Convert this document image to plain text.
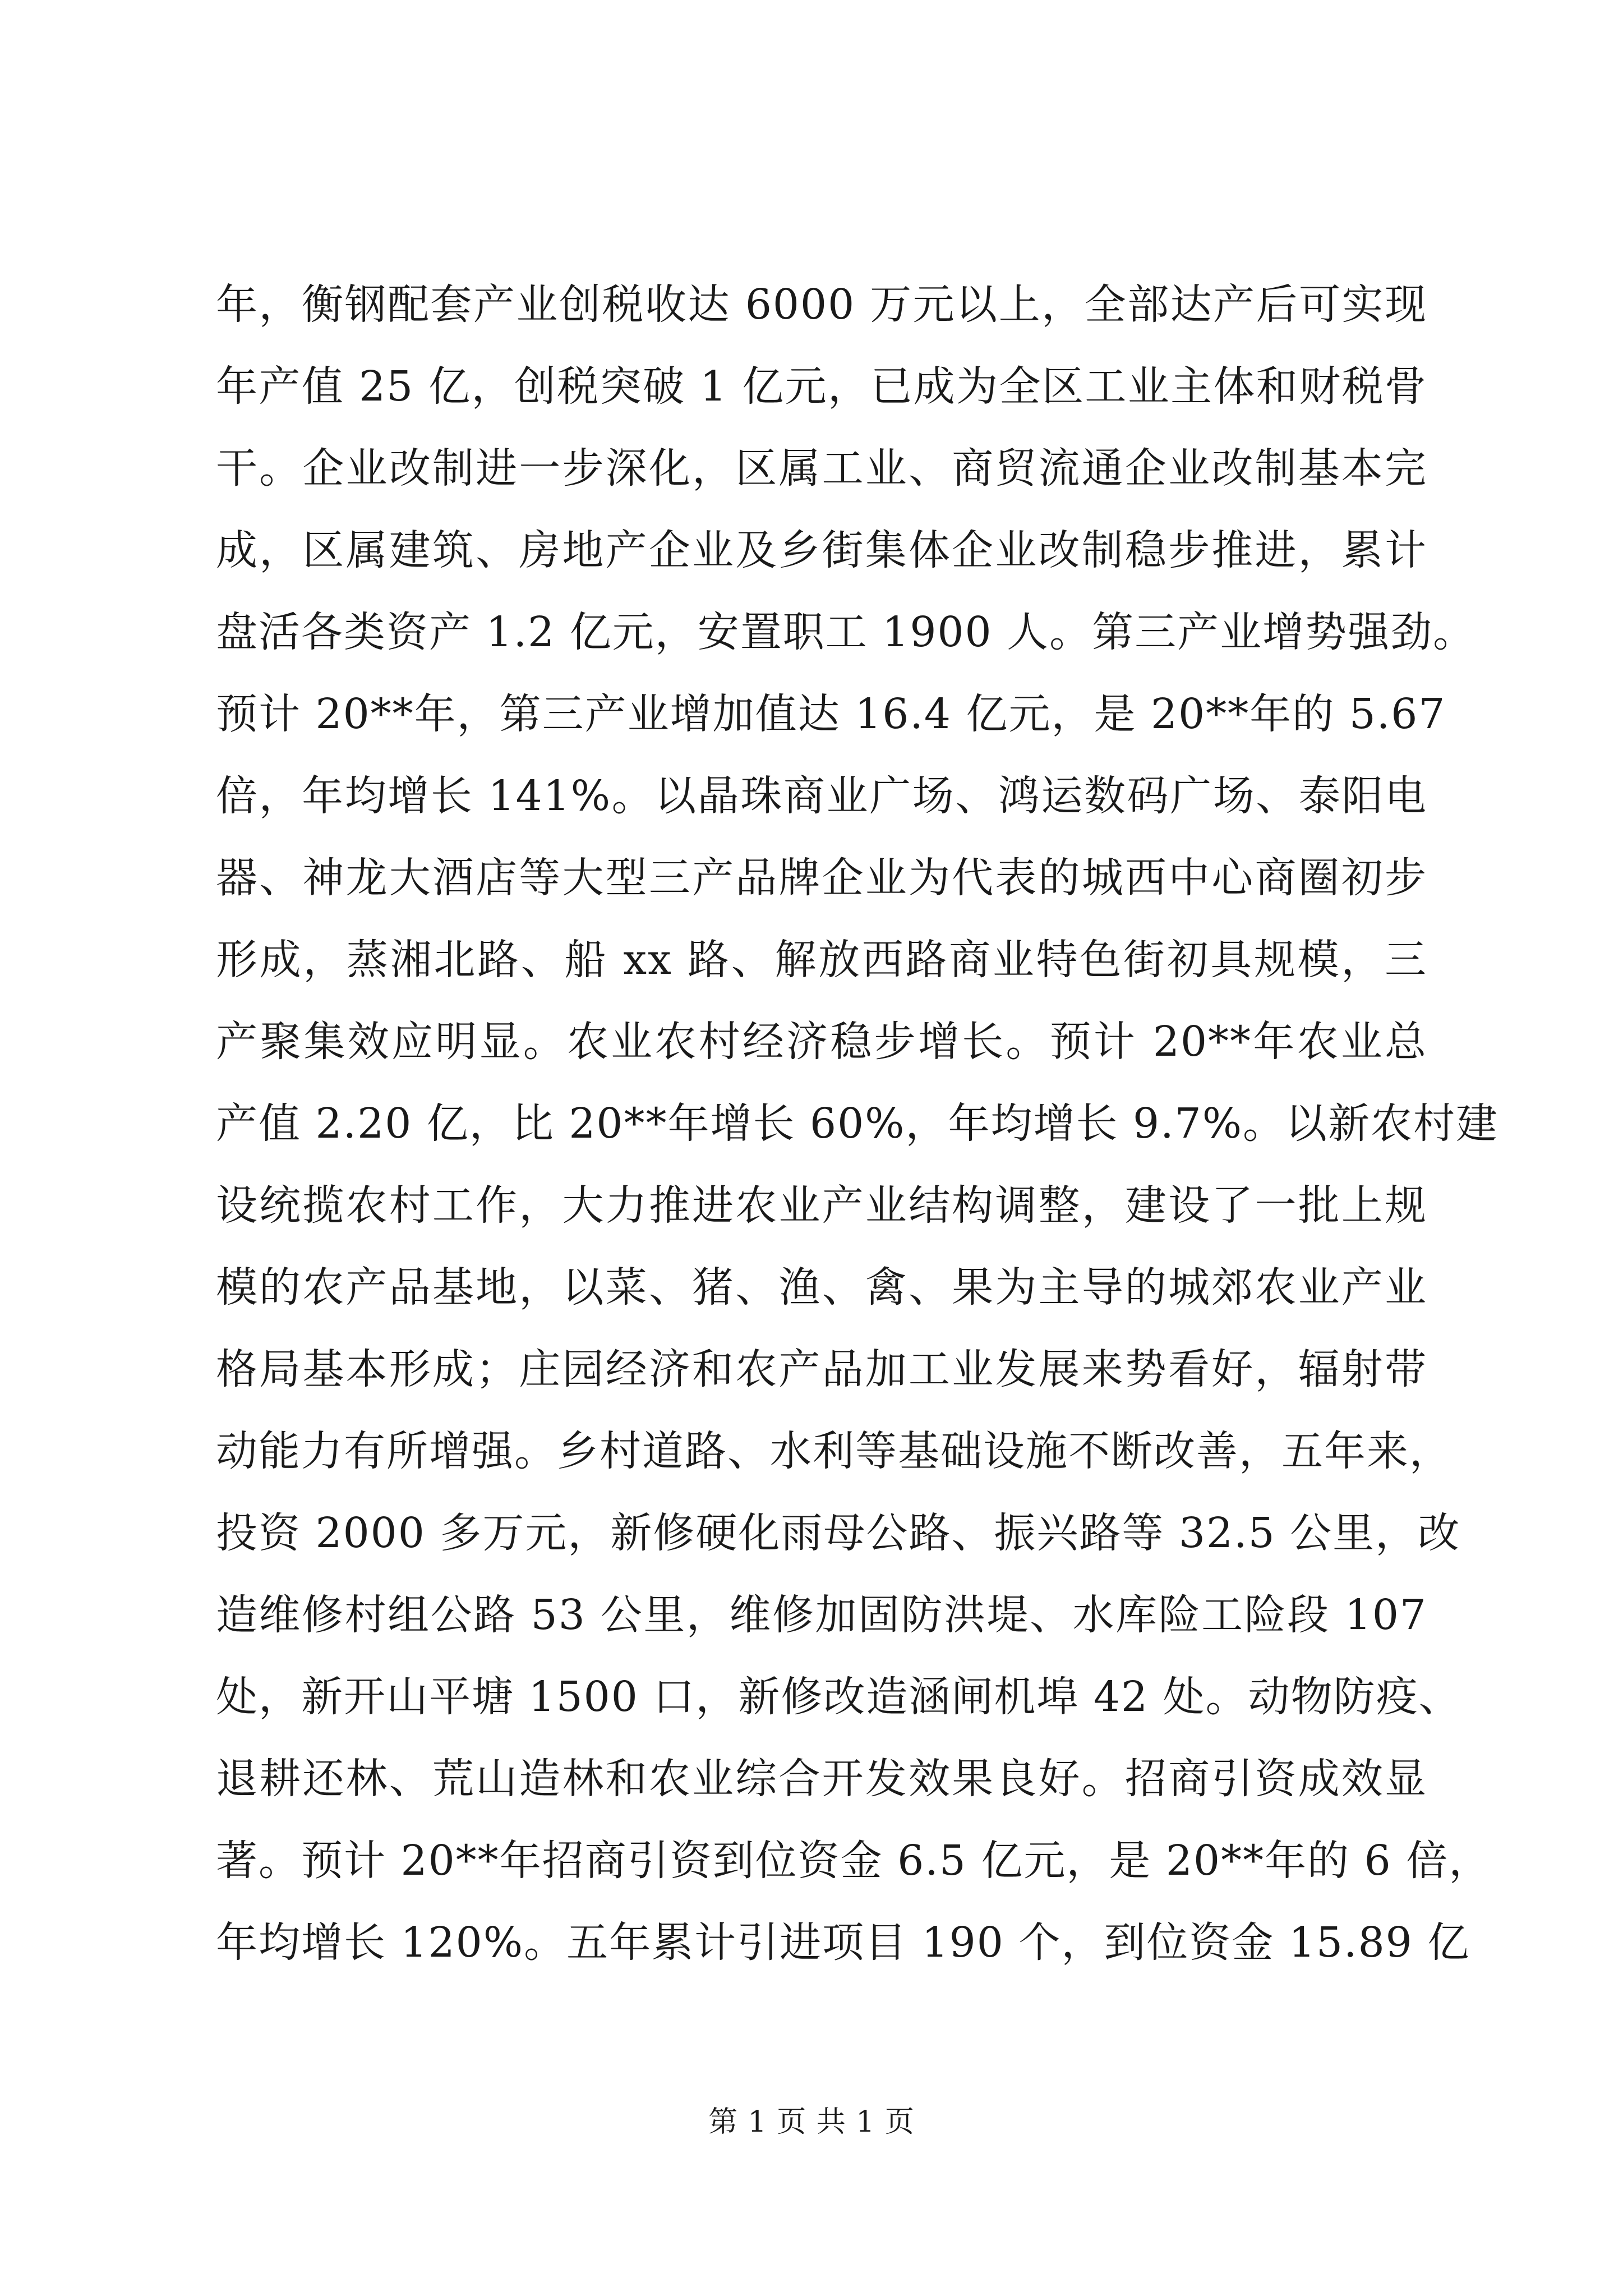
年，衡钢配套产业创税收达 6000 万元以上，全部达产后可实现
年产值 25 亿，创税突破 1 亿元，已成为全区工业主体和财税骨
干。企业改制进一步深化，区属工业、商贸流通企业改制基本完
成，区属建筑、房地产企业及乡街集体企业改制稳步推进，累计
盘活各类资产 1.2 亿元，安置职工 1900 人。第三产业增势强劲。
预计 20**年，第三产业增加值达 16.4 亿元，是 20**年的 5.67
倍，年均增长 141%。以晶珠商业广场、鸿运数码广场、泰阳电
器、神龙大酒店等大型三产品牌企业为代表的城西中心商圈初步
形成，蒸湘北路、船 xx 路、解放西路商业特色街初具规模，三
产聚集效应明显。农业农村经济稳步增长。预计 20**年农业总
产值 2.20 亿，比 20**年增长 60%，年均增长 9.7%。以新农村建
设统揽农村工作，大力推进农业产业结构调整，建设了一批上规
模的农产品基地，以菜、猪、渔、禽、果为主导的城郊农业产业
格局基本形成；庄园经济和农产品加工业发展来势看好，辐射带
动能力有所增强。乡村道路、水利等基础设施不断改善，五年来，
投资 2000 多万元，新修硬化雨母公路、振兴路等 32.5 公里，改
造维修村组公路 53 公里，维修加固防洪堤、水库险工险段 107
处，新开山平塘 1500 口，新修改造涵闸机埠 42 处。动物防疫、
退耕还林、荒山造林和农业综合开发效果良好。招商引资成效显
著。预计 20**年招商引资到位资金 6.5 亿元，是 20**年的 6 倍，
年均增长 120%。五年累计引进项目 190 个，到位资金 15.89 亿
第 1 页 共 1 页
